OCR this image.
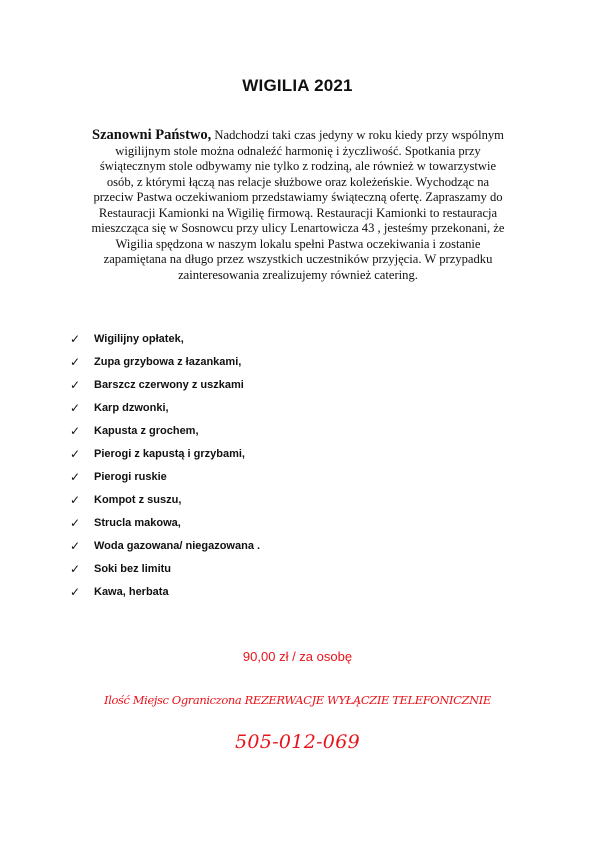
WIGILIA 2021

Szanowni Państwo, Nadchodzi taki czas jedyny w roku kiedy przy wspólnym wigilijnym stole można odnaleźć harmonię i życzliwość. Spotkania przy świątecznym stole odbywamy nie tylko z rodziną, ale również w towarzystwie osób, z którymi łączą nas relacje służbowe oraz koleżeńskie. Wychodząc na przeciw Pastwa oczekiwaniom przedstawiamy świąteczną ofertę. Zapraszamy do Restauracji Kamionki na Wigilię firmową. Restauracji Kamionki to restauracja mieszcząca się w Sosnowcu przy ulicy Lenartowicza 43 , jesteśmy przekonani, że Wigilia spędzona w naszym lokalu spełni Pastwa oczekiwania i zostanie zapamiętana na długo przez wszystkich uczestników przyjęcia. W przypadku zainteresowania zrealizujemy również catering.

✓	Wigilijny opłatek,
✓	Zupa grzybowa z łazankami,
✓	Barszcz czerwony z uszkami
✓	Karp dzwonki,
✓	Kapusta z grochem,
✓	Pierogi z kapustą i grzybami,
✓	Pierogi ruskie
✓	Kompot z suszu,
✓	Strucla makowa,
✓	Woda gazowana/ niegazowana .
✓	Soki bez limitu
✓	Kawa, herbata

90,00 zł / za osobę

Ilość Miejsc Ograniczona REZERWACJE WYŁĄCZIE TELEFONICZNIE

505-012-069
